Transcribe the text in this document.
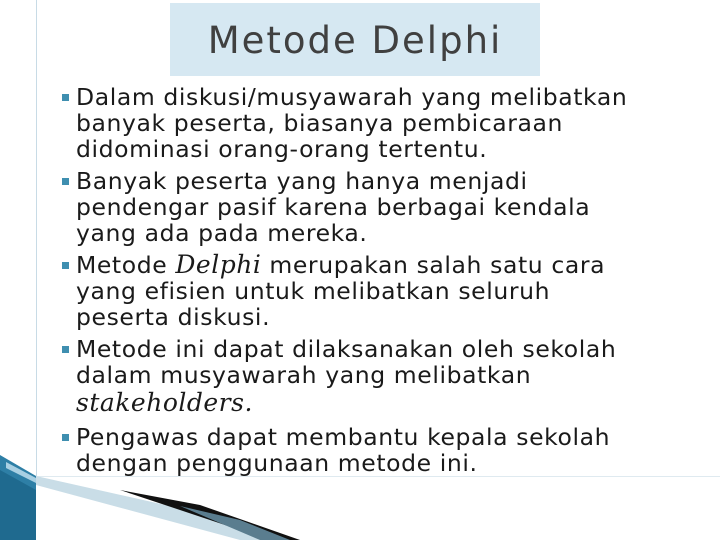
Metode Delphi
Dalam diskusi/musyawarah yang melibatkan
banyak peserta, biasanya pembicaraan
didominasi orang-orang tertentu.
Banyak peserta yang hanya menjadi
pendengar pasif karena berbagai kendala
yang ada pada mereka.
Metode Delphi merupakan salah satu cara
yang efisien untuk melibatkan seluruh
peserta diskusi.
Metode ini dapat dilaksanakan oleh sekolah
dalam musyawarah yang melibatkan
stakeholders.
Pengawas dapat membantu kepala sekolah
dengan penggunaan metode ini.
